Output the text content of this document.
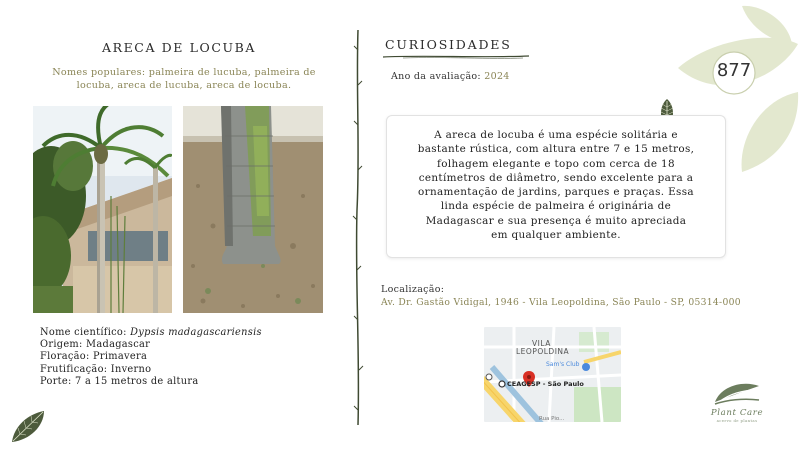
877
ARECA DE LOCUBA
Nomes populares: palmeira de lucuba, palmeira de
locuba, areca de lucuba, areca de locuba.
Nome científico: Dypsis madagascariensis
Origem: Madagascar
Floração: Primavera
Frutificação: Inverno
Porte: 7 a 15 metros de altura
CURIOSIDADES
Ano da avaliação: 2024
A areca de locuba é uma espécie solitária e
bastante rústica, com altura entre 7 e 15 metros,
folhagem elegante e topo com cerca de 18
centímetros de diâmetro, sendo excelente para a
ornamentação de jardins, parques e praças. Essa
linda espécie de palmeira é originária de
Madagascar e sua presença é muito apreciada
em qualquer ambiente.
Localização:
Av. Dr. Gastão Vidigal, 1946 - Vila Leopoldina, São Paulo - SP, 05314-000
VILA
LEOPOLDINA
Sam's Club
CEAGESP - São Paulo
Rua Pio...
Plant Care
acervo de plantas
